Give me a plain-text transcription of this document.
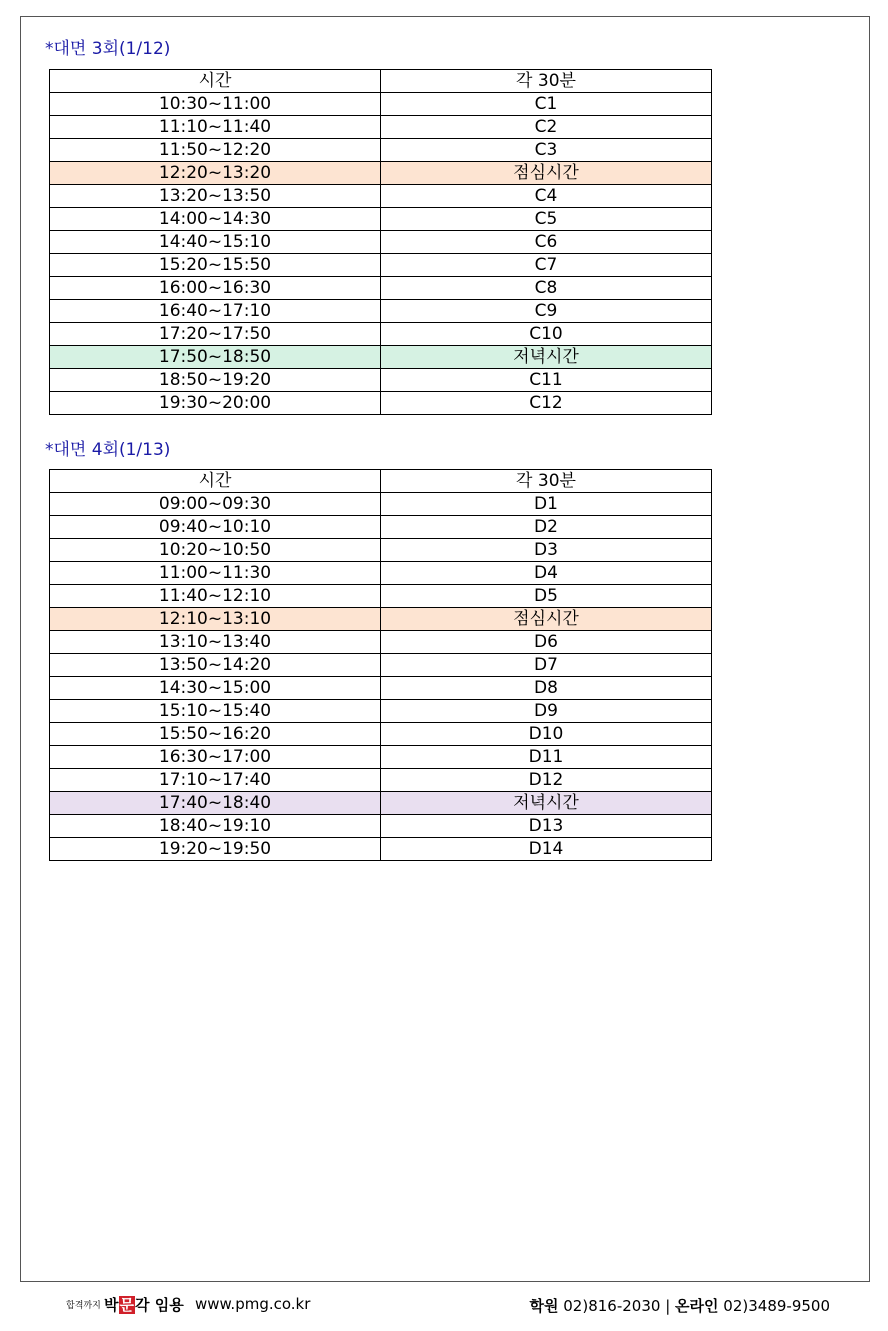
*대면 3회(1/12)
시간	각 30분
10:30~11:00	C1
11:10~11:40	C2
11:50~12:20	C3
12:20~13:20	점심시간
13:20~13:50	C4
14:00~14:30	C5
14:40~15:10	C6
15:20~15:50	C7
16:00~16:30	C8
16:40~17:10	C9
17:20~17:50	C10
17:50~18:50	저녁시간
18:50~19:20	C11
19:30~20:00	C12
*대면 4회(1/13)
시간	각 30분
09:00~09:30	D1
09:40~10:10	D2
10:20~10:50	D3
11:00~11:30	D4
11:40~12:10	D5
12:10~13:10	점심시간
13:10~13:40	D6
13:50~14:20	D7
14:30~15:00	D8
15:10~15:40	D9
15:50~16:20	D10
16:30~17:00	D11
17:10~17:40	D12
17:40~18:40	저녁시간
18:40~19:10	D13
19:20~19:50	D14
합격까지 박문각 임용 www.pmg.co.kr	학원 02)816-2030 | 온라인 02)3489-9500
